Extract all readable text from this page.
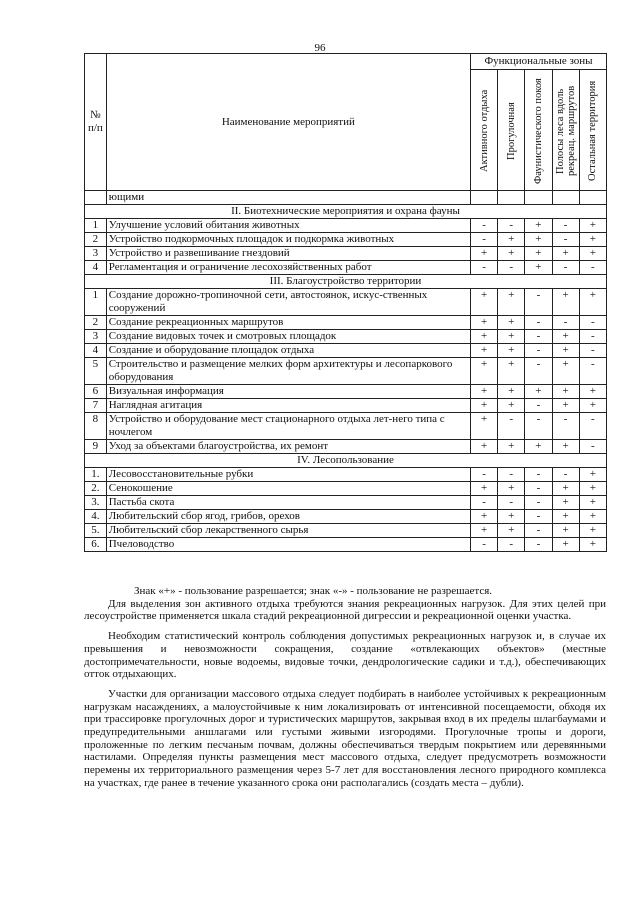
96
№ п/п	Наименование мероприятий	Функциональные зоны				

		Активного отдыха	Прогулочная	Фаунистического покоя	Полосы леса вдоль рекреац. маршрутов	Остальная территория

	ющими					
II. Биотехнические мероприятия и охрана фауны						
1	Улучшение условий обитания животных	-	-	+	-	+
2	Устройство подкормочных площадок и подкормка животных	-	+	+	-	+
3	Устройство и развешивание гнездовий	+	+	+	+	+
4	Регламентация и ограничение лесохозяйственных работ	-	-	+	-	-
III. Благоустройство территории						
1	Создание дорожно-тропиночной сети, автостоянок, искус-ственных сооружений	+	+	-	+	+
2	Создание рекреационных маршрутов	+	+	-	-	-
3	Создание видовых точек и смотровых площадок	+	+	-	+	-
4	Создание и оборудование площадок отдыха	+	+	-	+	-
5	Строительство и размещение мелких форм архитектуры и лесопаркового оборудования	+	+	-	+	-
6	Визуальная информация	+	+	+	+	+
7	Наглядная агитация	+	+	-	+	+
8	Устройство и оборудование мест стационарного отдыха лет-него типа с ночлегом	+	-	-	-	-
9	Уход за объектами благоустройства, их ремонт	+	+	+	+	-
IV. Лесопользование						
1.	Лесовосстановительные рубки	-	-	-	-	+
2.	Сенокошение	+	+	-	+	+
3.	Пастьба скота	-	-	-	+	+
4.	Любительский сбор ягод, грибов, орехов	+	+	-	+	+
5.	Любительский сбор лекарственного сырья	+	+	-	+	+
6.	Пчеловодство	-	-	-	+	+

Знак «+» - пользование разрешается; знак «-» - пользование не разрешается.

Для выделения зон активного отдыха требуются знания рекреационных нагрузок. Для этих целей при лесоустройстве применяется шкала стадий рекреационной дигрессии и рекреационной оценки участка.

Необходим статистический контроль соблюдения допустимых рекреационных нагрузок и, в случае их превышения и невозможности сокращения, создание «отвлекающих объектов» (местные достопримечательности, новые водоемы, видовые точки, дендрологические садики и т.д.), обеспечивающих отток отдыхающих.

Участки для организации массового отдыха следует подбирать в наиболее устойчивых к рекреационным нагрузкам насаждениях, а малоустойчивые к ним локализировать от интенсивной посещаемости, обходя их при трассировке прогулочных дорог и туристических маршрутов, закрывая вход в их пределы шлагбаумами и предупредительными аншлагами или густыми живыми изгородями. Прогулочные тропы и дороги, проложенные по легким песчаным почвам, должны обеспечиваться твердым покрытием или деревянными настилами. Определяя пункты размещения мест массового отдыха, следует предусмотреть возможности перемены их территориального размещения через 5-7 лет для восстановления лесного природного комплекса на участках, где ранее в течение указанного срока они располагались (создать места – дубли).
